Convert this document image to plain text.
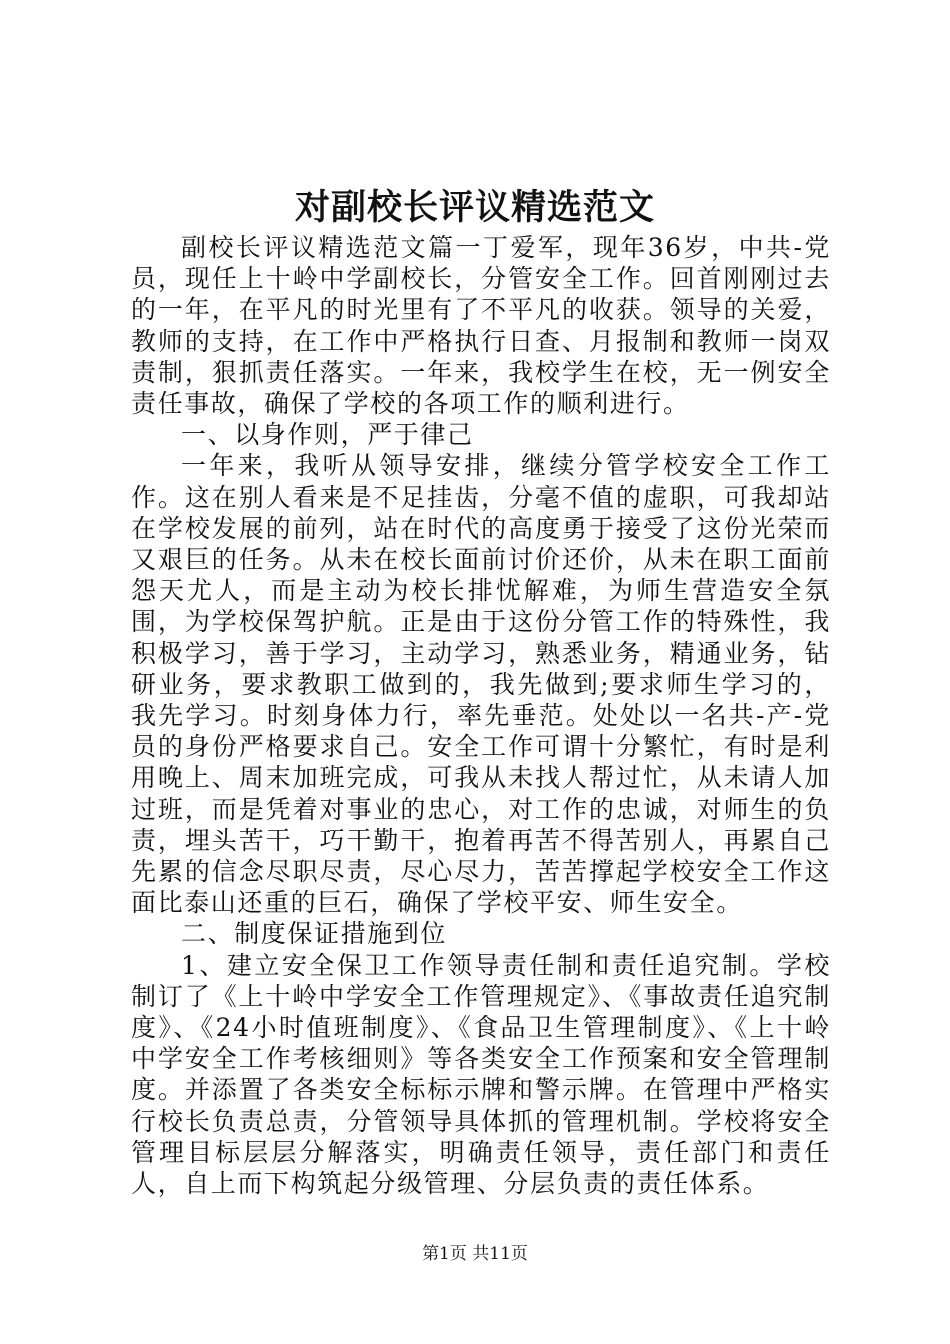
对副校长评议精选范文

副校长评议精选范文篇一丁爱军，现年36岁，中共-党员，现任上十岭中学副校长，分管安全工作。回首刚刚过去的一年，在平凡的时光里有了不平凡的收获。领导的关爱，教师的支持，在工作中严格执行日查、月报制和教师一岗双责制，狠抓责任落实。一年来，我校学生在校，无一例安全责任事故，确保了学校的各项工作的顺利进行。

一、以身作则，严于律己

一年来，我听从领导安排，继续分管学校安全工作工作。这在别人看来是不足挂齿，分毫不值的虚职，可我却站在学校发展的前列，站在时代的高度勇于接受了这份光荣而又艰巨的任务。从未在校长面前讨价还价，从未在职工面前怨天尤人，而是主动为校长排忧解难，为师生营造安全氛围，为学校保驾护航。正是由于这份分管工作的特殊性，我积极学习，善于学习，主动学习，熟悉业务，精通业务，钻研业务，要求教职工做到的，我先做到;要求师生学习的，我先学习。时刻身体力行，率先垂范。处处以一名共-产-党员的身份严格要求自己。安全工作可谓十分繁忙，有时是利用晚上、周末加班完成，可我从未找人帮过忙，从未请人加过班，而是凭着对事业的忠心，对工作的忠诚，对师生的负责，埋头苦干，巧干勤干，抱着再苦不得苦别人，再累自己先累的信念尽职尽责，尽心尽力，苦苦撑起学校安全工作这面比泰山还重的巨石，确保了学校平安、师生安全。

二、制度保证措施到位

1、建立安全保卫工作领导责任制和责任追究制。学校制订了《上十岭中学安全工作管理规定》、《事故责任追究制度》、《24小时值班制度》、《食品卫生管理制度》、《上十岭中学安全工作考核细则》等各类安全工作预案和安全管理制度。并添置了各类安全标标示牌和警示牌。在管理中严格实行校长负责总责，分管领导具体抓的管理机制。学校将安全管理目标层层分解落实，明确责任领导，责任部门和责任人，自上而下构筑起分级管理、分层负责的责任体系。

第1页 共11页
